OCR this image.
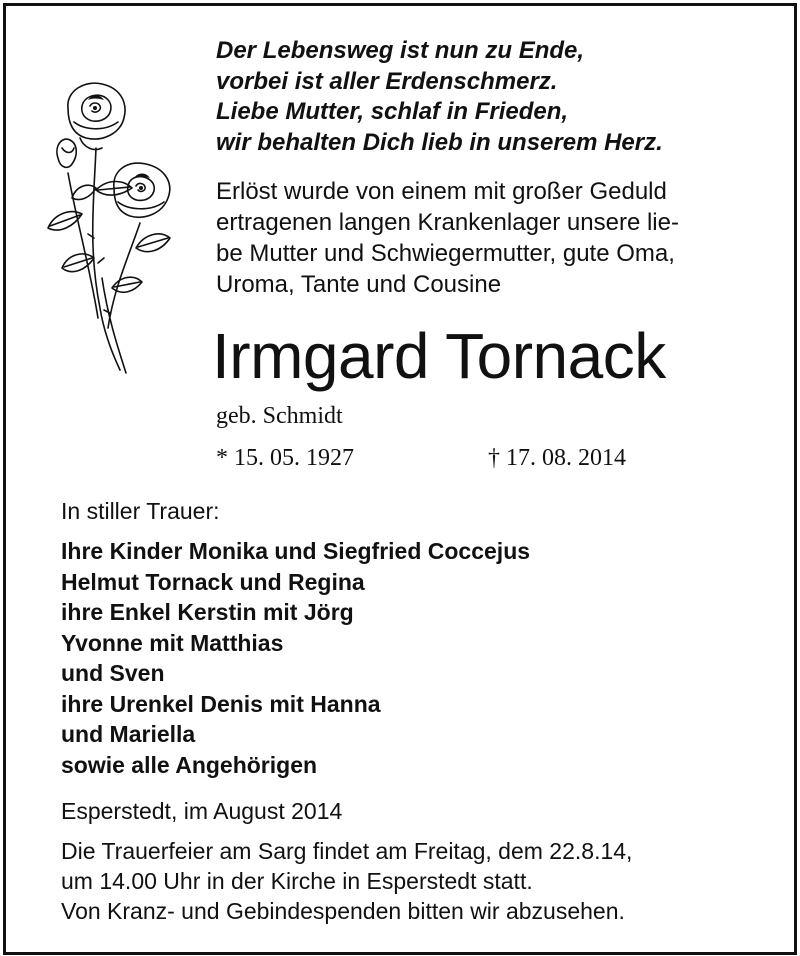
Der Lebensweg ist nun zu Ende,
vorbei ist aller Erdenschmerz.
Liebe Mutter, schlaf in Frieden,
wir behalten Dich lieb in unserem Herz.
Erlöst wurde von einem mit großer Geduld
ertragenen langen Krankenlager unsere lie-
be Mutter und Schwiegermutter, gute Oma,
Uroma, Tante und Cousine
Irmgard Tornack
geb. Schmidt
* 15. 05. 1927	† 17. 08. 2014
In stiller Trauer:
Ihre Kinder Monika und Siegfried Coccejus
Helmut Tornack und Regina
ihre Enkel Kerstin mit Jörg
Yvonne mit Matthias
und Sven
ihre Urenkel Denis mit Hanna
und Mariella
sowie alle Angehörigen
Esperstedt, im August 2014
Die Trauerfeier am Sarg findet am Freitag, dem 22.8.14,
um 14.00 Uhr in der Kirche in Esperstedt statt.
Von Kranz- und Gebindespenden bitten wir abzusehen.
